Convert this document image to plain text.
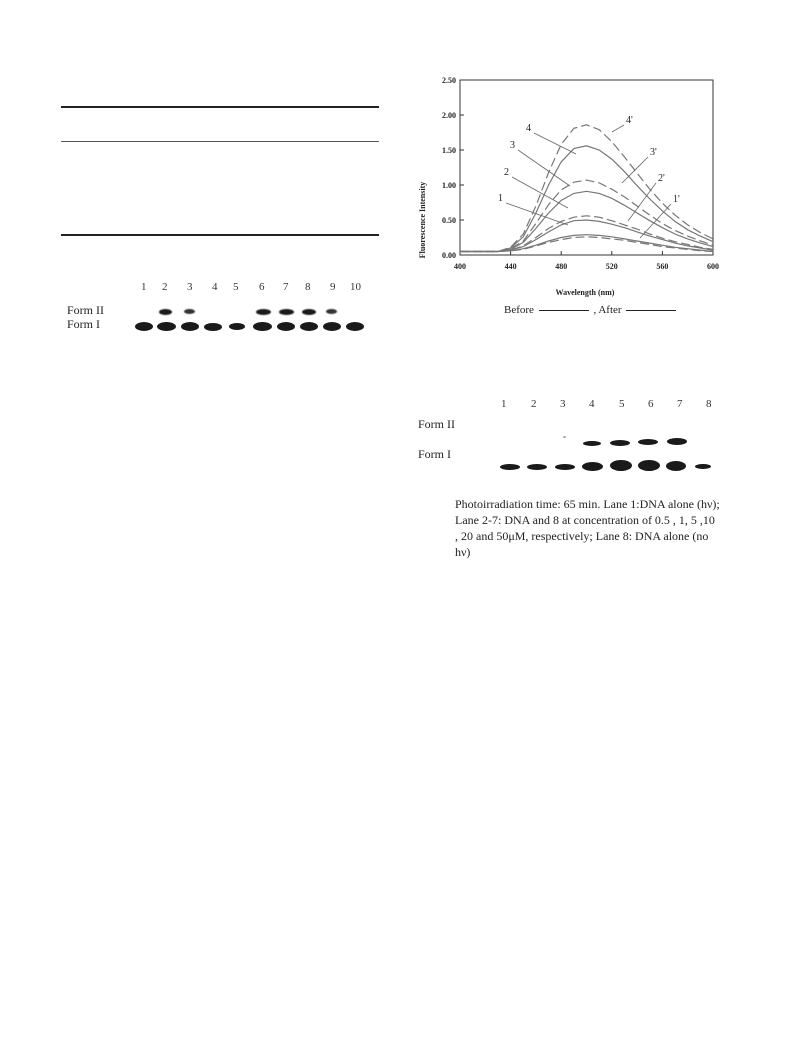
1 2 3 4 5 6 7 8 9 10
Form II
Form I
0.00
0.50
1.00
1.50
2.00
2.50
400	440	480	520	560	600
1
2
3
4
1'
2'
3'
4'
Fluorescence Intensity
Wavelength (nm)
Before	, After
1 2 3 4 5 6 7 8
Form II
Form I
Photoirradiation time: 65 min. Lane 1:DNA alone (hν); Lane 2-7: DNA and 8 at concentration of 0.5 , 1, 5 ,10 , 20 and 50μM, respectively; Lane 8: DNA alone (no hν)
